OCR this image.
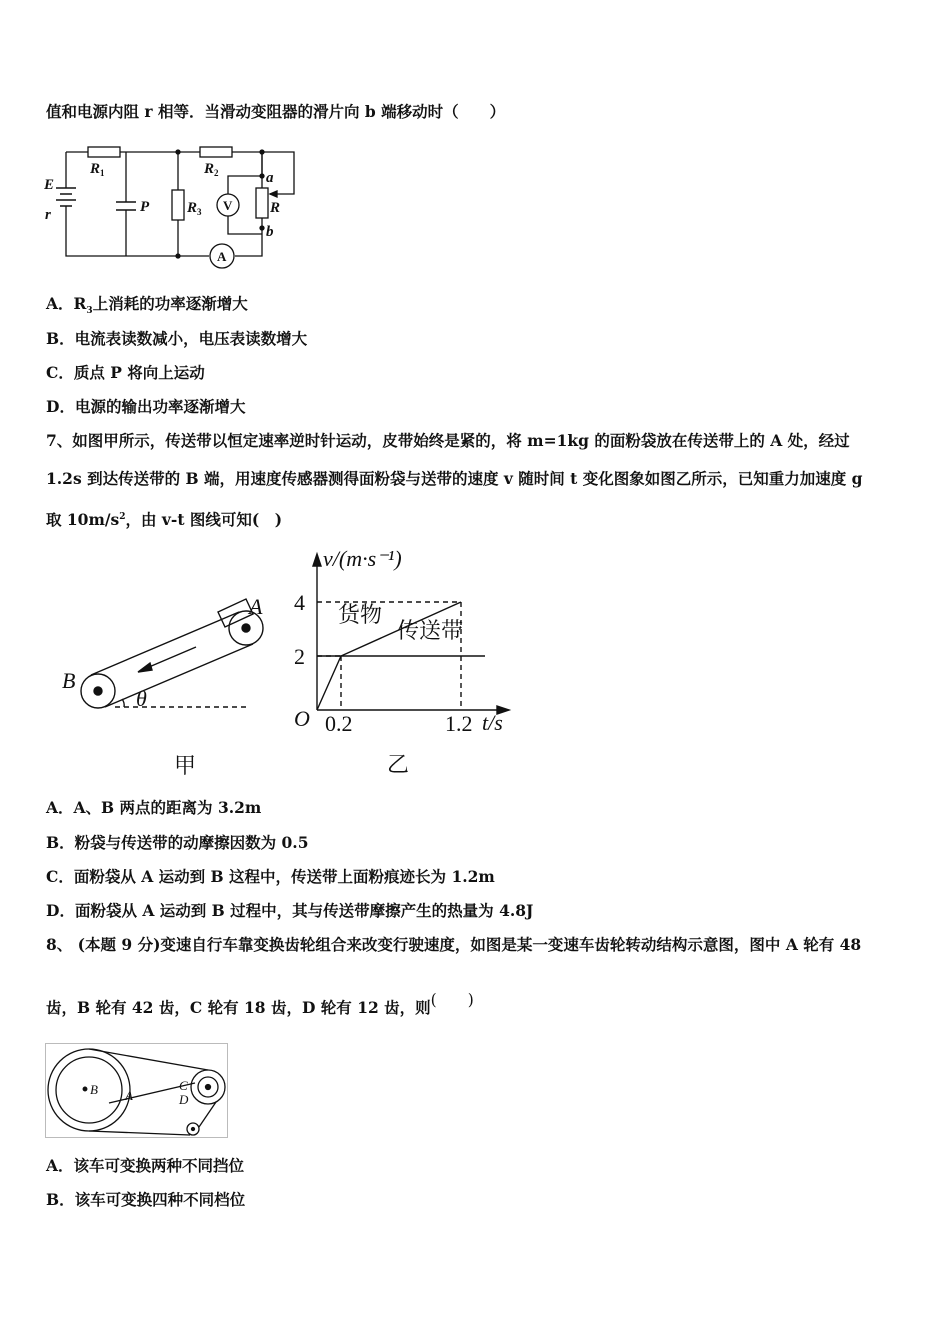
值和电源内阻 r 相等．当滑动变阻器的滑片向 b 端移动时（　　）
E
r
$R_1$
P	$R_3$
$R_2$
V	R
a
b
A
A．$R_3$上消耗的功率逐渐增大
B．电流表读数减小，电压表读数增大
C．质点 P 将向上运动
D．电源的输出功率逐渐增大
7、如图甲所示，传送带以恒定速率逆时针运动，皮带始终是紧的，将 m=1kg 的面粉袋放在传送带上的 A 处，经过
1.2s 到达传送带的 B 端，用速度传感器测得面粉袋与送带的速度 v 随时间 t 变化图象如图乙所示，已知重力加速度 g
取 $10m/s^2$，由 v-t 图线可知(　)
A
B
θ
甲
0.2	1.2
2
4
v/(m·s⁻¹)
t/s
O
货物
传送带
乙
A．A、B 两点的距离为 3.2m
B．粉袋与传送带的动摩擦因数为 0.5
C．面粉袋从 A 运动到 B 这程中，传送带上面粉痕迹长为 1.2m
D．面粉袋从 A 运动到 B 过程中，其与传送带摩擦产生的热量为 4.8J
8、 (本题 9 分)变速自行车靠变换齿轮组合来改变行驶速度，如图是某一变速车齿轮转动结构示意图，图中 A 轮有 48
齿，B 轮有 42 齿，C 轮有 18 齿，D 轮有 12 齿，则(　　)
B A
C
D
A．该车可变换两种不同挡位
B．该车可变换四种不同档位
